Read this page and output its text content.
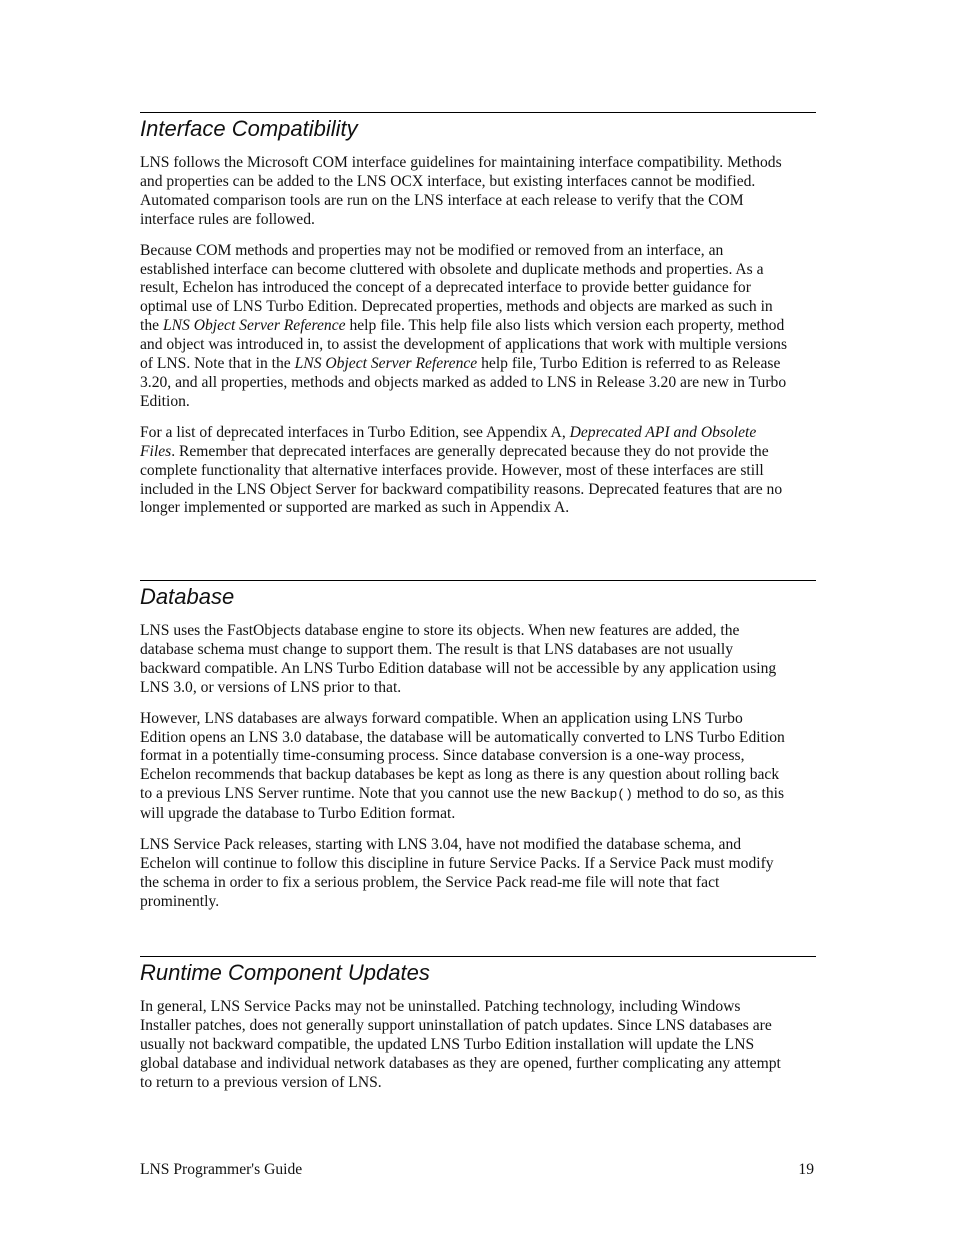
Interface Compatibility

LNS follows the Microsoft COM interface guidelines for maintaining interface compatibility. Methods and properties can be added to the LNS OCX interface, but existing interfaces cannot be modified. Automated comparison tools are run on the LNS interface at each release to verify that the COM interface rules are followed.

Because COM methods and properties may not be modified or removed from an interface, an established interface can become cluttered with obsolete and duplicate methods and properties. As a result, Echelon has introduced the concept of a deprecated interface to provide better guidance for optimal use of LNS Turbo Edition. Deprecated properties, methods and objects are marked as such in the LNS Object Server Reference help file. This help file also lists which version each property, method and object was introduced in, to assist the development of applications that work with multiple versions of LNS. Note that in the LNS Object Server Reference help file, Turbo Edition is referred to as Release 3.20, and all properties, methods and objects marked as added to LNS in Release 3.20 are new in Turbo Edition.

For a list of deprecated interfaces in Turbo Edition, see Appendix A, Deprecated API and Obsolete Files. Remember that deprecated interfaces are generally deprecated because they do not provide the complete functionality that alternative interfaces provide. However, most of these interfaces are still included in the LNS Object Server for backward compatibility reasons. Deprecated features that are no longer implemented or supported are marked as such in Appendix A.

Database

LNS uses the FastObjects database engine to store its objects. When new features are added, the database schema must change to support them. The result is that LNS databases are not usually backward compatible. An LNS Turbo Edition database will not be accessible by any application using LNS 3.0, or versions of LNS prior to that.

However, LNS databases are always forward compatible. When an application using LNS Turbo Edition opens an LNS 3.0 database, the database will be automatically converted to LNS Turbo Edition format in a potentially time-consuming process. Since database conversion is a one-way process, Echelon recommends that backup databases be kept as long as there is any question about rolling back to a previous LNS Server runtime. Note that you cannot use the new Backup() method to do so, as this will upgrade the database to Turbo Edition format.

LNS Service Pack releases, starting with LNS 3.04, have not modified the database schema, and Echelon will continue to follow this discipline in future Service Packs. If a Service Pack must modify the schema in order to fix a serious problem, the Service Pack read-me file will note that fact prominently.

Runtime Component Updates

In general, LNS Service Packs may not be uninstalled. Patching technology, including Windows Installer patches, does not generally support uninstallation of patch updates. Since LNS databases are usually not backward compatible, the updated LNS Turbo Edition installation will update the LNS global database and individual network databases as they are opened, further complicating any attempt to return to a previous version of LNS.

LNS Programmer's Guide	19
